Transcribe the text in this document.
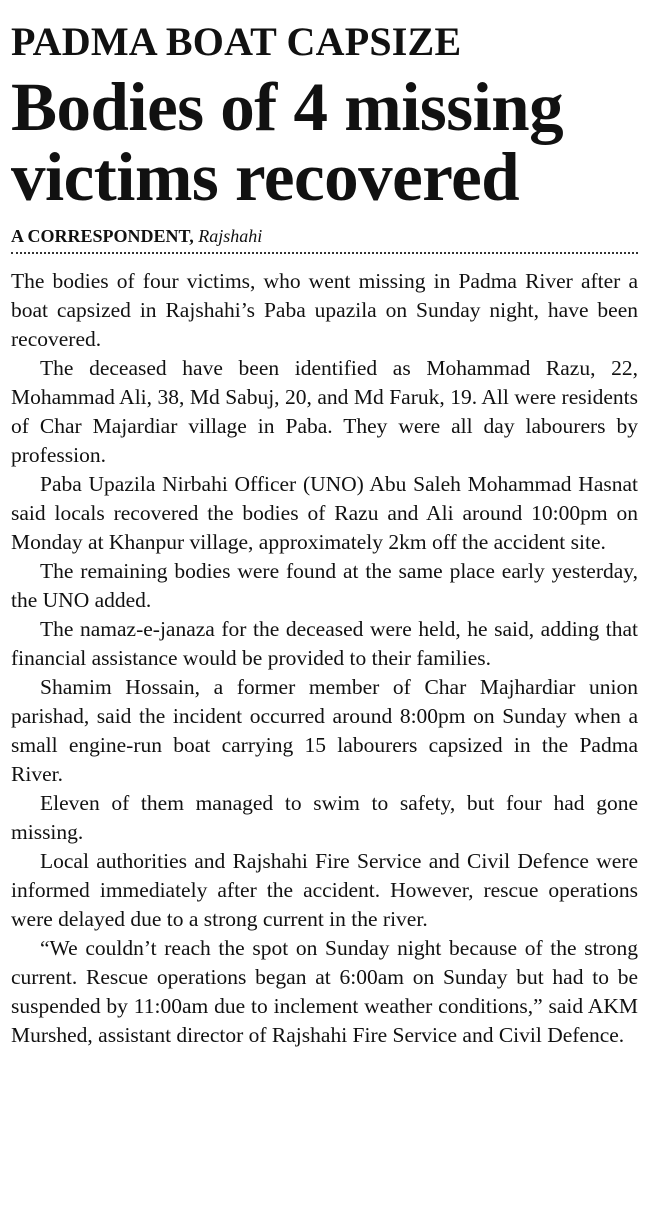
PADMA BOAT CAPSIZE
Bodies of 4 missing
victims recovered
A CORRESPONDENT, Rajshahi

The bodies of four victims, who went missing in Padma River after a boat capsized in Rajshahi’s Paba upazila on Sunday night, have been recovered.

The deceased have been identified as Mohammad Razu, 22, Mohammad Ali, 38, Md Sabuj, 20, and Md Faruk, 19. All were residents of Char Majardiar village in Paba. They were all day labourers by profession.

Paba Upazila Nirbahi Officer (UNO) Abu Saleh Mohammad Hasnat said locals recovered the bodies of Razu and Ali around 10:00pm on Monday at Khanpur village, approximately 2km off the accident site.

The remaining bodies were found at the same place early yesterday, the UNO added.

The namaz-e-janaza for the deceased were held, he said, adding that financial assistance would be provided to their families.

Shamim Hossain, a former member of Char Majhardiar union parishad, said the incident occurred around 8:00pm on Sunday when a small engine-run boat carrying 15 labourers capsized in the Padma River.

Eleven of them managed to swim to safety, but four had gone missing.

Local authorities and Rajshahi Fire Service and Civil Defence were informed immediately after the accident. However, rescue operations were delayed due to a strong current in the river.

“We couldn’t reach the spot on Sunday night because of the strong current. Rescue operations began at 6:00am on Sunday but had to be suspended by 11:00am due to inclement weather conditions,” said AKM Murshed, assistant director of Rajshahi Fire Service and Civil Defence.
